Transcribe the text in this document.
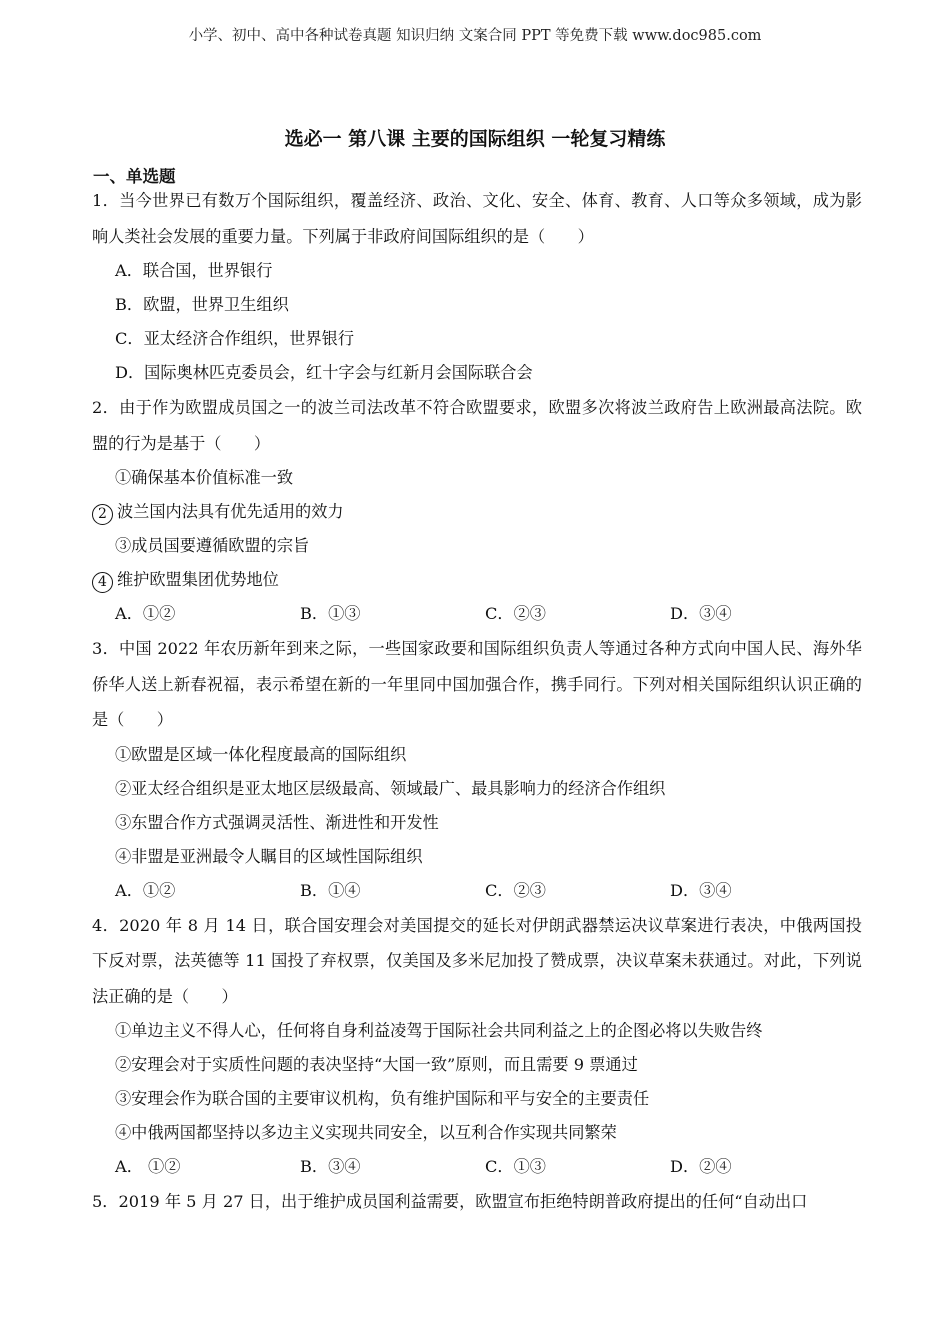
小学、初中、高中各种试卷真题 知识归纳 文案合同 PPT 等免费下载 www.doc985.com
选必一 第八课 主要的国际组织 一轮复习精练
一、单选题

1．当今世界已有数万个国际组织，覆盖经济、政治、文化、安全、体育、教育、人口等众多领域，成为影响人类社会发展的重要力量。下列属于非政府间国际组织的是（　　）

A．联合国，世界银行

B．欧盟，世界卫生组织

C．亚太经济合作组织，世界银行

D．国际奥林匹克委员会，红十字会与红新月会国际联合会

2．由于作为欧盟成员国之一的波兰司法改革不符合欧盟要求，欧盟多次将波兰政府告上欧洲最高法院。欧盟的行为是基于（　　）

①确保基本价值标准一致

2 波兰国内法具有优先适用的效力

③成员国要遵循欧盟的宗旨

4 维护欧盟集团优势地位

A．①②	B．①③	C．②③	D．③④

3．中国 2022 年农历新年到来之际，一些国家政要和国际组织负责人等通过各种方式向中国人民、海外华侨华人送上新春祝福，表示希望在新的一年里同中国加强合作，携手同行。下列对相关国际组织认识正确的是（　　）

①欧盟是区域一体化程度最高的国际组织

②亚太经合组织是亚太地区层级最高、领域最广、最具影响力的经济合作组织

③东盟合作方式强调灵活性、渐进性和开发性

④非盟是亚洲最令人瞩目的区域性国际组织

A．①②	B．①④	C．②③	D．③④

4．2020 年 8 月 14 日，联合国安理会对美国提交的延长对伊朗武器禁运决议草案进行表决，中俄两国投下反对票，法英德等 11 国投了弃权票，仅美国及多米尼加投了赞成票，决议草案未获通过。对此，下列说法正确的是（　　）

①单边主义不得人心，任何将自身利益凌驾于国际社会共同利益之上的企图必将以失败告终

②安理会对于实质性问题的表决坚持“大国一致”原则，而且需要 9 票通过

③安理会作为联合国的主要审议机构，负有维护国际和平与安全的主要责任

④中俄两国都坚持以多边主义实现共同安全，以互利合作实现共同繁荣

A． ①②	B．③④	C．①③	D．②④

5．2019 年 5 月 27 日，出于维护成员国利益需要，欧盟宣布拒绝特朗普政府提出的任何“自动出口
